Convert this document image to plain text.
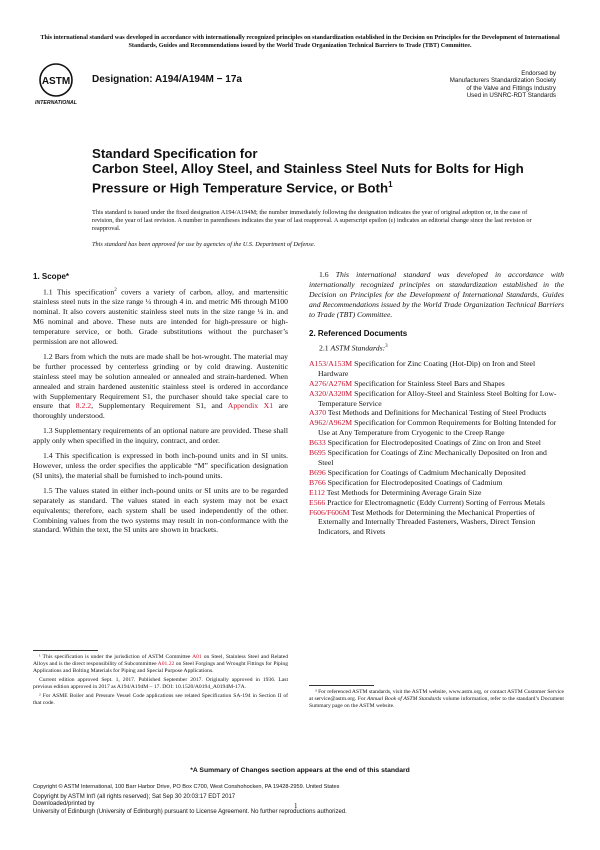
This international standard was developed in accordance with internationally recognized principles on standardization established in the Decision on Principles for the Development of International Standards, Guides and Recommendations issued by the World Trade Organization Technical Barriers to Trade (TBT) Committee.
ASTM
INTERNATIONAL
Designation: A194/A194M − 17a
Endorsed by
Manufacturers Standardization Society
of the Valve and Fittings Industry
Used in USNRC-RDT Standards
Standard Specification for
Carbon Steel, Alloy Steel, and Stainless Steel Nuts for Bolts for High Pressure or High Temperature Service, or Both$^1$
This standard is issued under the fixed designation A194/A194M; the number immediately following the designation indicates the year of original adoption or, in the case of revision, the year of last revision. A number in parentheses indicates the year of last reapproval. A superscript epsilon (ε) indicates an editorial change since the last revision or reapproval.
This standard has been approved for use by agencies of the U.S. Department of Defense.
1. Scope*

1.1 This specification$^2$ covers a variety of carbon, alloy, and martensitic stainless steel nuts in the size range ¼ through 4 in. and metric M6 through M100 nominal. It also covers austenitic stainless steel nuts in the size range ¼ in. and M6 nominal and above. These nuts are intended for high-pressure or high-temperature service, or both. Grade substitutions without the purchaser’s permission are not allowed.

1.2 Bars from which the nuts are made shall be hot-wrought. The material may be further processed by centerless grinding or by cold drawing. Austenitic stainless steel may be solution annealed or annealed and strain-hardened. When annealed and strain hardened austenitic stainless steel is ordered in accordance with Supplementary Requirement S1, the purchaser should take special care to ensure that 8.2.2, Supplementary Requirement S1, and Appendix X1 are thoroughly understood.

1.3 Supplementary requirements of an optional nature are provided. These shall apply only when specified in the inquiry, contract, and order.

1.4 This specification is expressed in both inch-pound units and in SI units. However, unless the order specifies the applicable “M” specification designation (SI units), the material shall be furnished to inch-pound units.

1.5 The values stated in either inch-pound units or SI units are to be regarded separately as standard. The values stated in each system may not be exact equivalents; therefore, each system shall be used independently of the other. Combining values from the two systems may result in non-conformance with the standard. Within the text, the SI units are shown in brackets.

1.6 This international standard was developed in accordance with internationally recognized principles on standardization established in the Decision on Principles for the Development of International Standards, Guides and Recommendations issued by the World Trade Organization Technical Barriers to Trade (TBT) Committee.

2. Referenced Documents

2.1 ASTM Standards:$^3$

A153/A153M Specification for Zinc Coating (Hot-Dip) on Iron and Steel Hardware
A276/A276M Specification for Stainless Steel Bars and Shapes
A320/A320M Specification for Alloy-Steel and Stainless Steel Bolting for Low-Temperature Service
A370 Test Methods and Definitions for Mechanical Testing of Steel Products
A962/A962M Specification for Common Requirements for Bolting Intended for Use at Any Temperature from Cryogenic to the Creep Range
B633 Specification for Electrodeposited Coatings of Zinc on Iron and Steel
B695 Specification for Coatings of Zinc Mechanically Deposited on Iron and Steel
B696 Specification for Coatings of Cadmium Mechanically Deposited
B766 Specification for Electrodeposited Coatings of Cadmium
E112 Test Methods for Determining Average Grain Size
E566 Practice for Electromagnetic (Eddy Current) Sorting of Ferrous Metals
F606/F606M Test Methods for Determining the Mechanical Properties of Externally and Internally Threaded Fasteners, Washers, Direct Tension Indicators, and Rivets

¹ This specification is under the jurisdiction of ASTM Committee A01 on Steel, Stainless Steel and Related Alloys and is the direct responsibility of Subcommittee A01.22 on Steel Forgings and Wrought Fittings for Piping Applications and Bolting Materials for Piping and Special Purpose Applications.

Current edition approved Sept. 1, 2017. Published September 2017. Originally approved in 1936. Last previous edition approved in 2017 as A194/A194M – 17. DOI: 10.1520/A0194_A0194M-17A.

² For ASME Boiler and Pressure Vessel Code applications see related Specification SA-194 in Section II of that code.

³ For referenced ASTM standards, visit the ASTM website, www.astm.org, or contact ASTM Customer Service at service@astm.org. For Annual Book of ASTM Standards volume information, refer to the standard’s Document Summary page on the ASTM website.

*A Summary of Changes section appears at the end of this standard
Copyright © ASTM International, 100 Barr Harbor Drive, PO Box C700, West Conshohocken, PA 19428-2959. United States
Copyright by ASTM Int'l (all rights reserved); Sat Sep 30 20:03:17 EDT 2017
Downloaded/printed by
University of Edinburgh (University of Edinburgh) pursuant to License Agreement. No further reproductions authorized.
1
